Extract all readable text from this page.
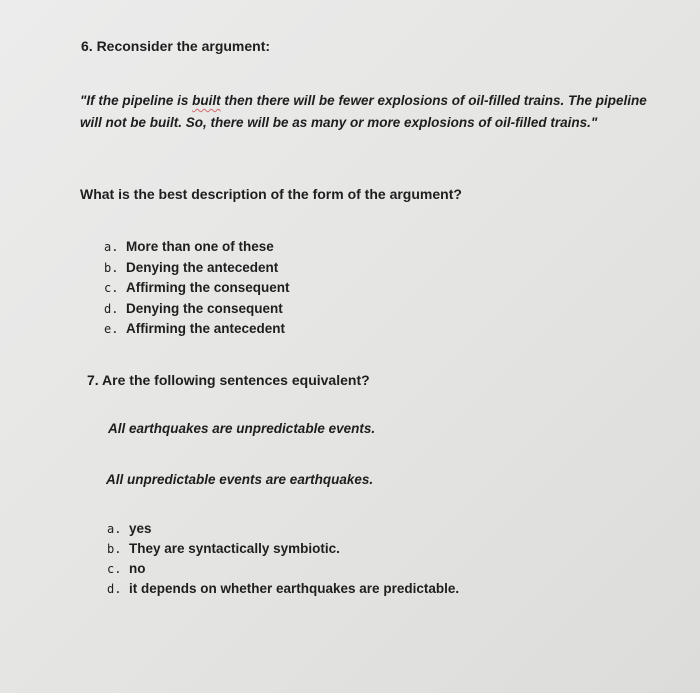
6. Reconsider the argument:

"If the pipeline is built then there will be fewer explosions of oil-filled trains. The pipeline will not be built. So, there will be as many or more explosions of oil-filled trains."

What is the best description of the form of the argument?

a. More than one of these
b. Denying the antecedent
c. Affirming the consequent
d. Denying the consequent
e. Affirming the antecedent

7. Are the following sentences equivalent?

All earthquakes are unpredictable events.

All unpredictable events are earthquakes.

a. yes
b. They are syntactically symbiotic.
c. no
d. it depends on whether earthquakes are predictable.
